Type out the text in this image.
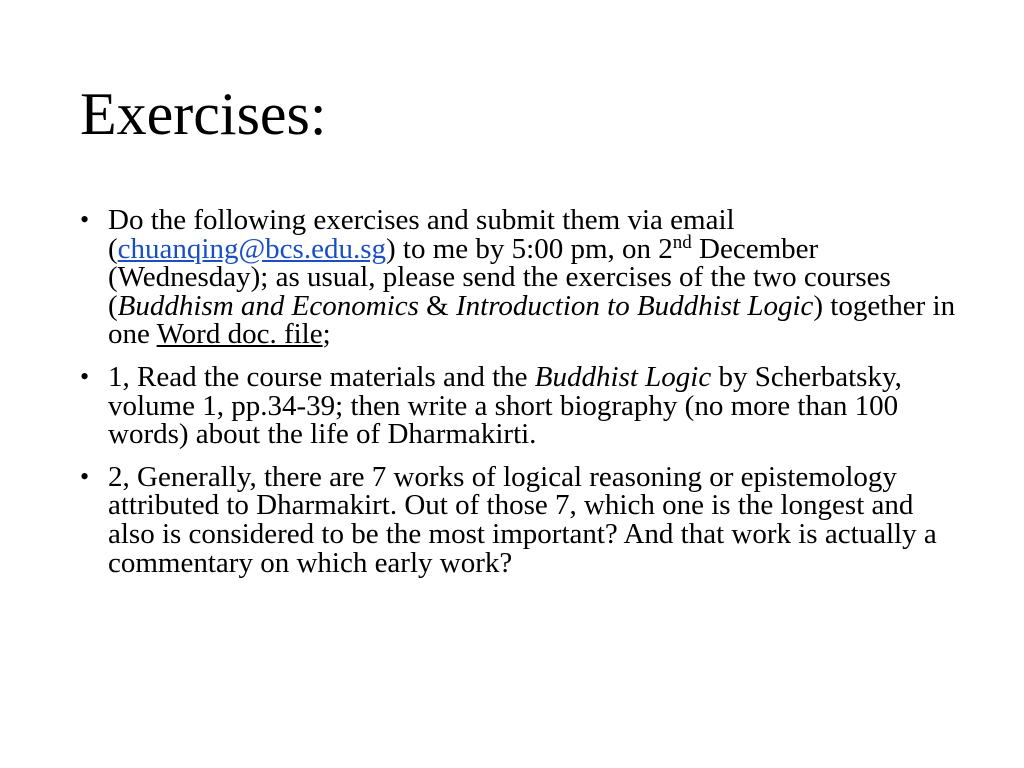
Exercises:
• Do the following exercises and submit them via email (chuanqing@bcs.edu.sg) to me by 5:00 pm, on 2nd December (Wednesday); as usual, please send the exercises of the two courses (Buddhism and Economics & Introduction to Buddhist Logic) together in one Word doc. file;
• 1, Read the course materials and the Buddhist Logic by Scherbatsky, volume 1, pp.34-39; then write a short biography (no more than 100 words) about the life of Dharmakirti.
• 2, Generally, there are 7 works of logical reasoning or epistemology attributed to Dharmakirt. Out of those 7, which one is the longest and also is considered to be the most important? And that work is actually a commentary on which early work?
